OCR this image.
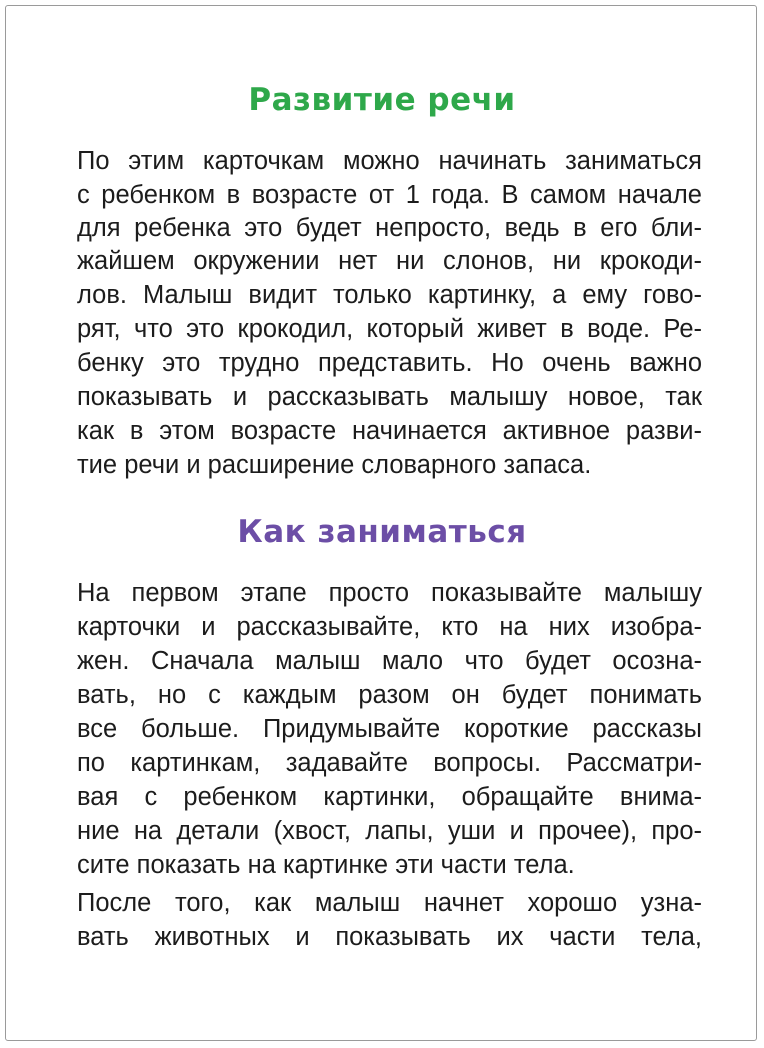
Развитие речи

По этим карточкам можно начинать заниматься

с ребенком в возрасте от 1 года. В самом начале

для ребенка это будет непросто, ведь в его бли-

жайшем окружении нет ни слонов, ни крокоди-

лов. Малыш видит только картинку, а ему гово-

рят, что это крокодил, который живет в воде. Ре-

бенку это трудно представить. Но очень важно

показывать и рассказывать малышу новое, так

как в этом возрасте начинается активное разви-

тие речи и расширение словарного запаса.

Как заниматься

На первом этапе просто показывайте малышу

карточки и рассказывайте, кто на них изобра-

жен. Сначала малыш мало что будет осозна-

вать, но с каждым разом он будет понимать

все больше. Придумывайте короткие рассказы

по картинкам, задавайте вопросы. Рассматри-

вая с ребенком картинки, обращайте внима-

ние на детали (хвост, лапы, уши и прочее), про-

сите показать на картинке эти части тела.

После того, как малыш начнет хорошо узна-

вать животных и показывать их части тела,
